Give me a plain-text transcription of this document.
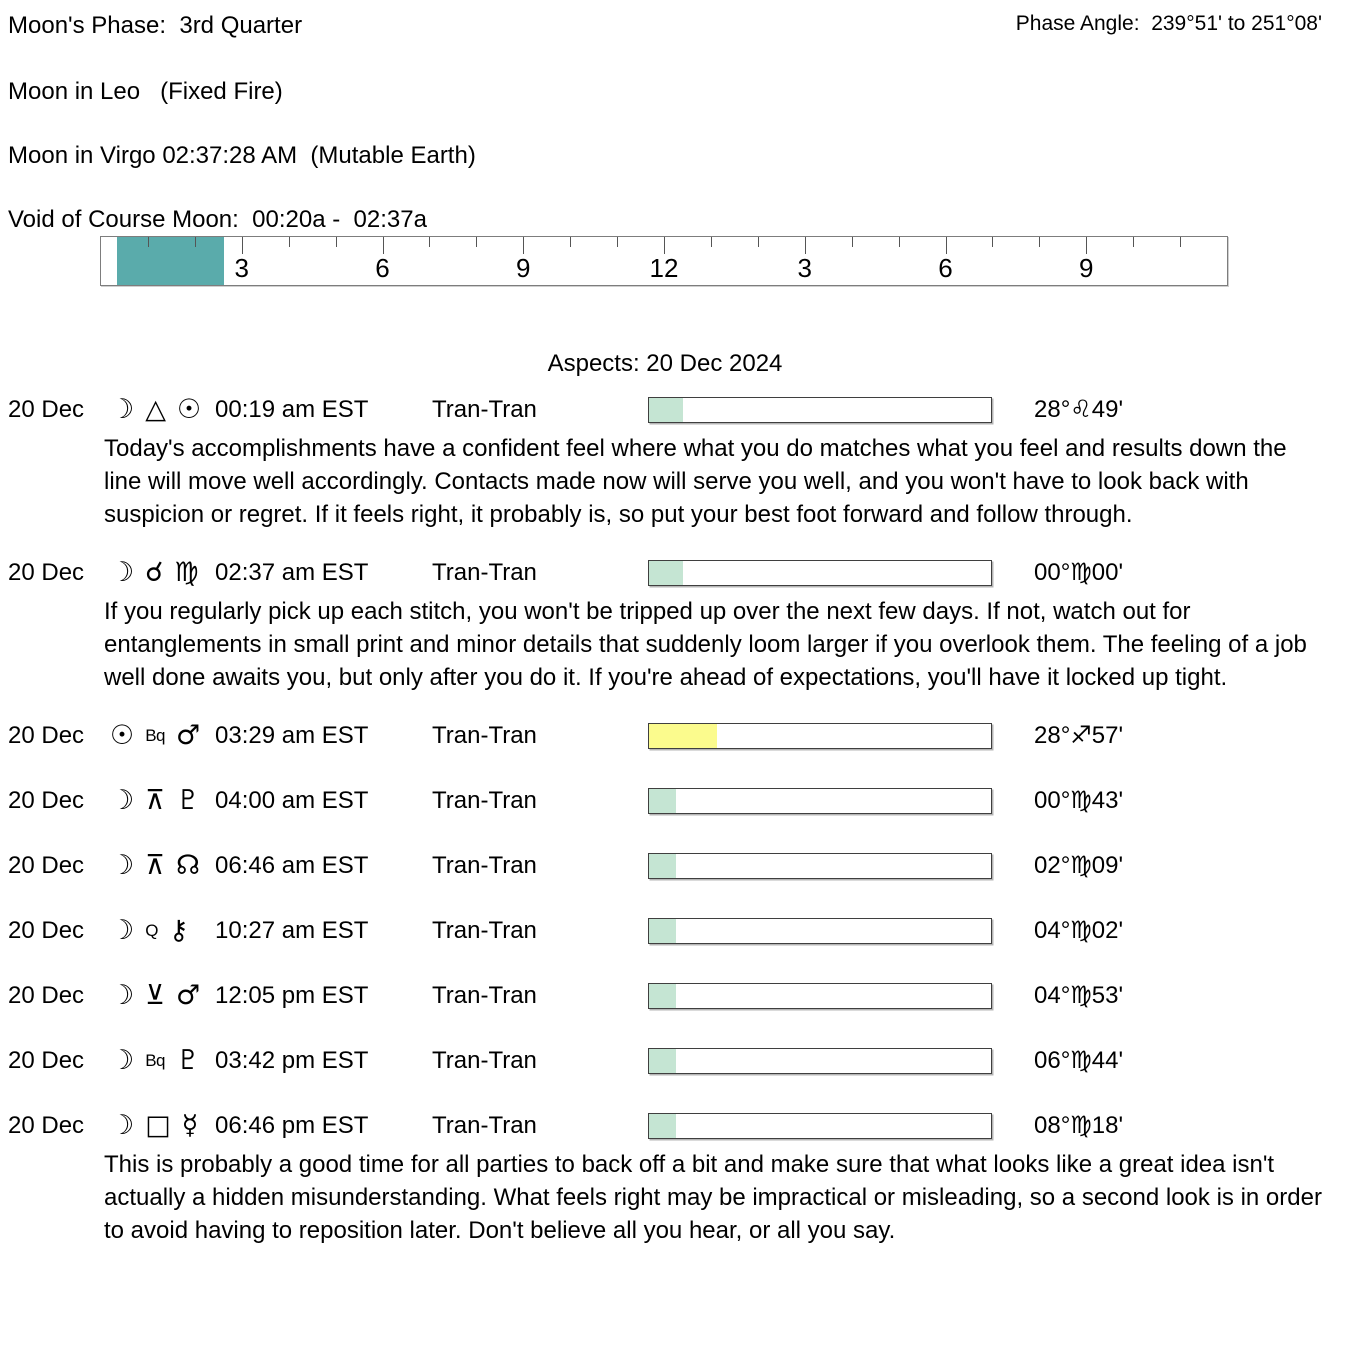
Moon's Phase:  3rd Quarter	Phase Angle:  239°51' to 251°08'
Moon in Leo   (Fixed Fire)
Moon in Virgo 02:37:28 AM  (Mutable Earth)
Void of Course Moon:  00:20a -  02:37a
3	6	9	12	3	6	9
Aspects: 20 Dec 2024
20 Dec ☽ △ ☉ 00:19 am EST	Tran-Tran	28°♌49'
Today's accomplishments have a confident feel where what you do matches what you feel and results down the line will move well accordingly. Contacts made now will serve you well, and you won't have to look back with suspicion or regret. If it feels right, it probably is, so put your best foot forward and follow through.
20 Dec ☽ ☌ ♍ 02:37 am EST	Tran-Tran	00°♍00'
If you regularly pick up each stitch, you won't be tripped up over the next few days. If not, watch out for entanglements in small print and minor details that suddenly loom larger if you overlook them. The feeling of a job well done awaits you, but only after you do it. If you're ahead of expectations, you'll have it locked up tight.
20 Dec ☉ Bq ♂ 03:29 am EST	Tran-Tran	28°♐57'
20 Dec ☽ ⊼ ♇ 04:00 am EST	Tran-Tran	00°♍43'
20 Dec ☽ ⊼ ☊ 06:46 am EST	Tran-Tran	02°♍09'
20 Dec ☽ Q ⚷ 10:27 am EST	Tran-Tran	04°♍02'
20 Dec ☽ ⊻ ♂ 12:05 pm EST	Tran-Tran	04°♍53'
20 Dec ☽ Bq ♇ 03:42 pm EST	Tran-Tran	06°♍44'
20 Dec ☽ □ ☿ 06:46 pm EST	Tran-Tran	08°♍18'
This is probably a good time for all parties to back off a bit and make sure that what looks like a great idea isn't actually a hidden misunderstanding. What feels right may be impractical or misleading, so a second look is in order to avoid having to reposition later. Don't believe all you hear, or all you say.
